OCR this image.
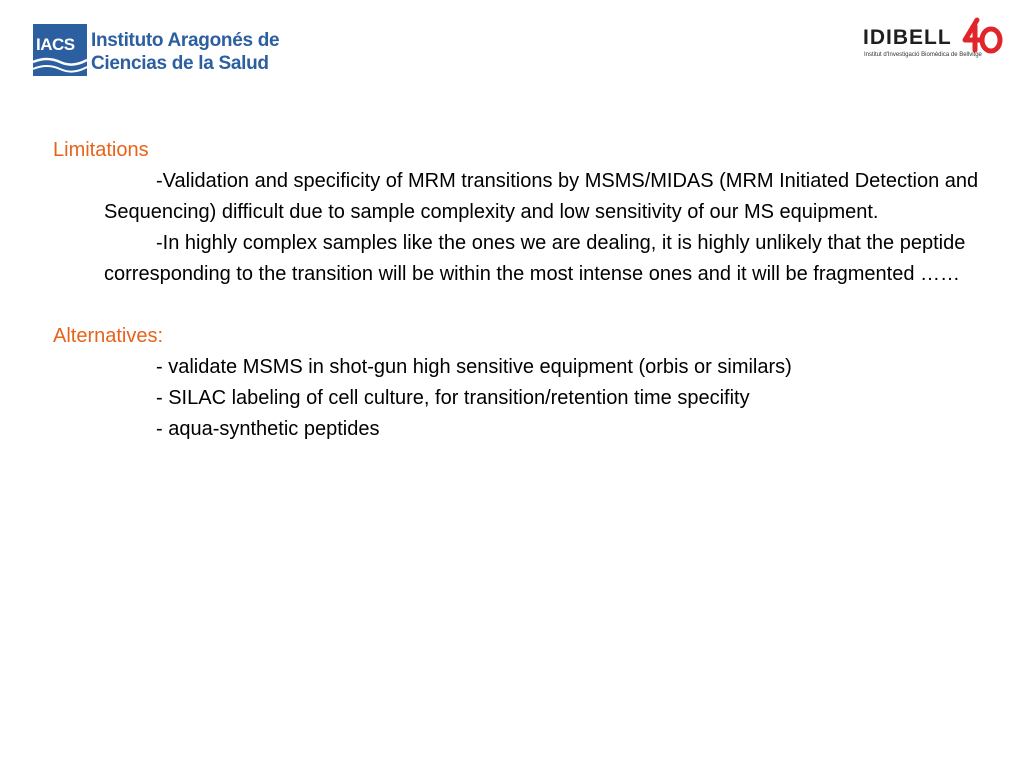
IACS Instituto Aragonés de
Ciencias de la Salud
IDIBELL
Institut d'Investigació Biomèdica de Bellvitge
Limitations
-Validation and specificity of MRM transitions by MSMS/MIDAS (MRM Initiated Detection and Sequencing) difficult due to sample complexity and low sensitivity of our MS equipment.
-In highly complex samples like the ones we are dealing, it is highly unlikely that the peptide corresponding to the transition will be within the most intense ones and it will be fragmented ……
Alternatives:
- validate MSMS in shot-gun high sensitive equipment (orbis or similars)
- SILAC labeling of cell culture, for transition/retention time specifity
- aqua-synthetic peptides
